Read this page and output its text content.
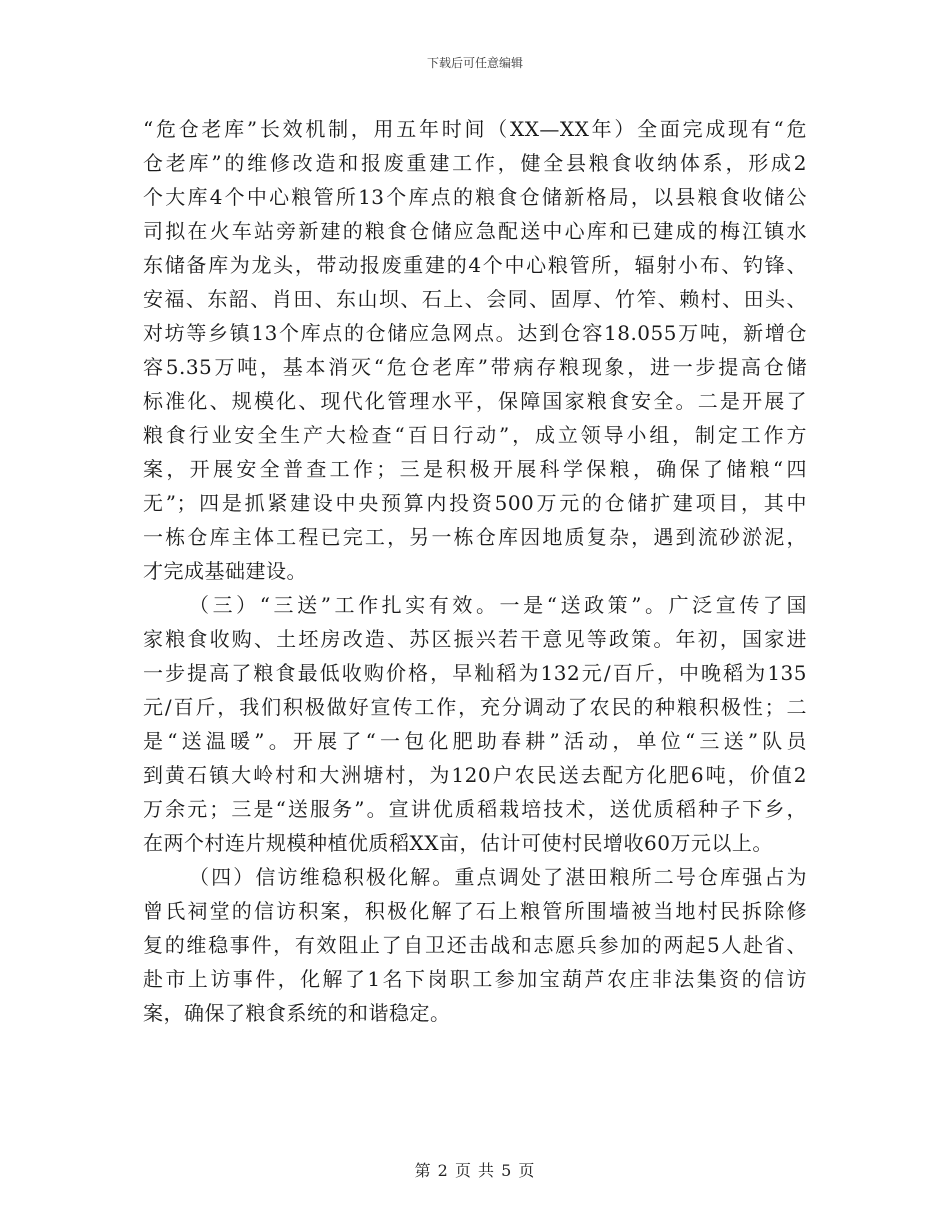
下载后可任意编辑
“危仓老库”长效机制，用五年时间（XX—XX年）全面完成现有“危
仓老库”的维修改造和报废重建工作，健全县粮食收纳体系，形成2
个大库4个中心粮管所13个库点的粮食仓储新格局，以县粮食收储公
司拟在火车站旁新建的粮食仓储应急配送中心库和已建成的梅江镇水
东储备库为龙头，带动报废重建的4个中心粮管所，辐射小布、钓锋、
安福、东韶、肖田、东山坝、石上、会同、固厚、竹笮、赖村、田头、
对坊等乡镇13个库点的仓储应急网点。达到仓容18.055万吨，新增仓
容5.35万吨，基本消灭“危仓老库”带病存粮现象，进一步提高仓储
标准化、规模化、现代化管理水平，保障国家粮食安全。二是开展了
粮食行业安全生产大检查“百日行动”，成立领导小组，制定工作方
案，开展安全普查工作；三是积极开展科学保粮，确保了储粮“四
无”；四是抓紧建设中央预算内投资500万元的仓储扩建项目，其中
一栋仓库主体工程已完工，另一栋仓库因地质复杂，遇到流砂淤泥，
才完成基础建设。
（三）“三送”工作扎实有效。一是“送政策”。广泛宣传了国
家粮食收购、土坯房改造、苏区振兴若干意见等政策。年初，国家进
一步提高了粮食最低收购价格，早籼稻为132元/百斤，中晚稻为135
元/百斤，我们积极做好宣传工作，充分调动了农民的种粮积极性；二
是“送温暖”。开展了“一包化肥助春耕”活动，单位“三送”队员
到黄石镇大岭村和大洲塘村，为120户农民送去配方化肥6吨，价值2
万余元；三是“送服务”。宣讲优质稻栽培技术，送优质稻种子下乡，
在两个村连片规模种植优质稻XX亩，估计可使村民增收60万元以上。
（四）信访维稳积极化解。重点调处了湛田粮所二号仓库强占为
曾氏祠堂的信访积案，积极化解了石上粮管所围墙被当地村民拆除修
复的维稳事件，有效阻止了自卫还击战和志愿兵参加的两起5人赴省、
赴市上访事件，化解了1名下岗职工参加宝葫芦农庄非法集资的信访
案，确保了粮食系统的和谐稳定。
第 2 页 共 5 页
